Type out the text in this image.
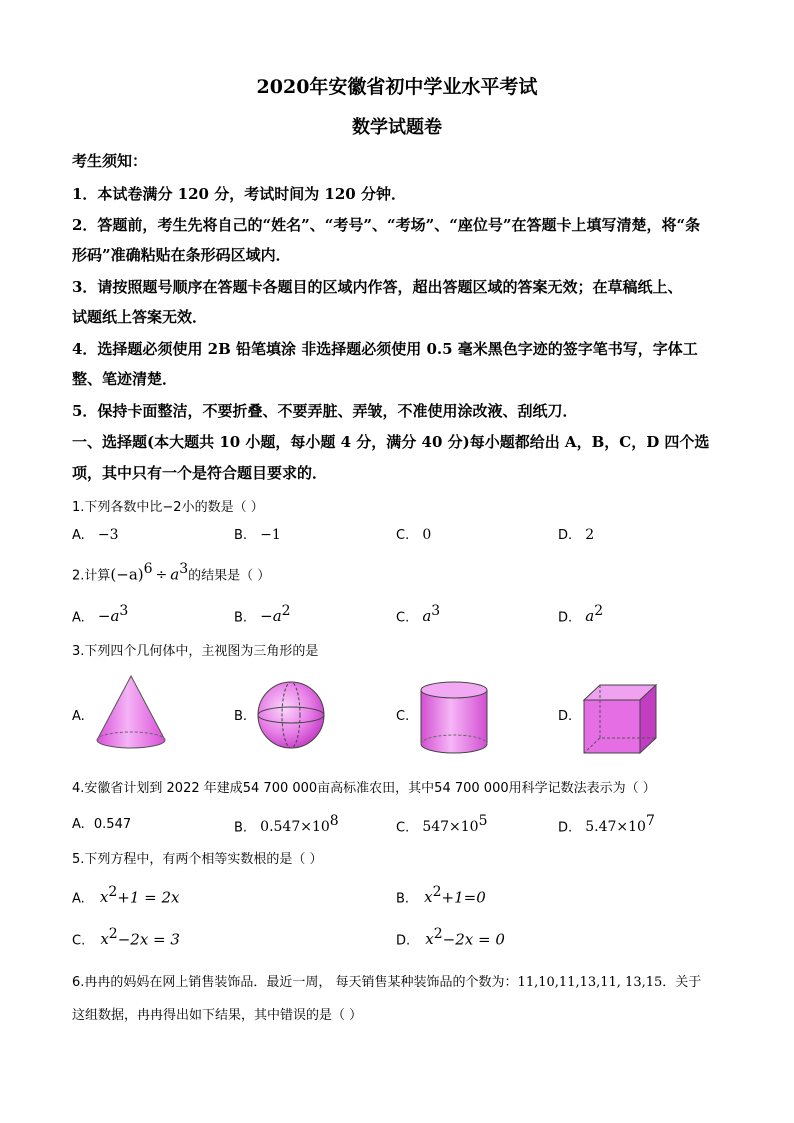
2020年安徽省初中学业水平考试
数学试题卷
考生须知：
1．本试卷满分 120 分，考试时间为 120 分钟．
2．答题前，考生先将自己的“姓名”、“考号”、“考场”、“座位号”在答题卡上填写清楚，将“条
形码”准确粘贴在条形码区域内．
3．请按照题号顺序在答题卡各题目的区域内作答，超出答题区域的答案无效；在草稿纸上、
试题纸上答案无效．
4．选择题必须使用 2B 铅笔填涂 非选择题必须使用 0.5 毫米黑色字迹的签字笔书写，字体工
整、笔迹清楚．
5．保持卡面整洁，不要折叠、不要弄脏、弄皱，不准使用涂改液、刮纸刀．
一、选择题(本大题共 10 小题，每小题 4 分，满分 40 分)每小题都给出 A，B，C，D 四个选
项，其中只有一个是符合题目要求的．
1.下列各数中比−2小的数是（ ）
A. −3	B. −1	C. 0	D. 2
2.计算$(-a)^6 \div a^3$的结果是（ ）
A. $-a^3$	B. $-a^2$	C. $a^3$	D. $a^2$
3.下列四个几何体中，主视图为三角形的是
A.	B.	C.	D.
4.安徽省计划到 2022 年建成54 700 000亩高标准农田，其中54 700 000用科学记数法表示为（ ）
A. 0.547	B. $0.547\times 10^8$	C. $547\times 10^5$	D. $5.47\times 10^7$
5.下列方程中，有两个相等实数根的是（ ）
A. $x^2+1 = 2x$	B. $x^2+1=0$
C. $x^2-2x = 3$	D. $x^2-2x = 0$
6.冉冉的妈妈在网上销售装饰品．最近一周， 每天销售某种装饰品的个数为：11,10,11,13,11, 13,15．关于
这组数据，冉冉得出如下结果，其中错误的是（ ）
